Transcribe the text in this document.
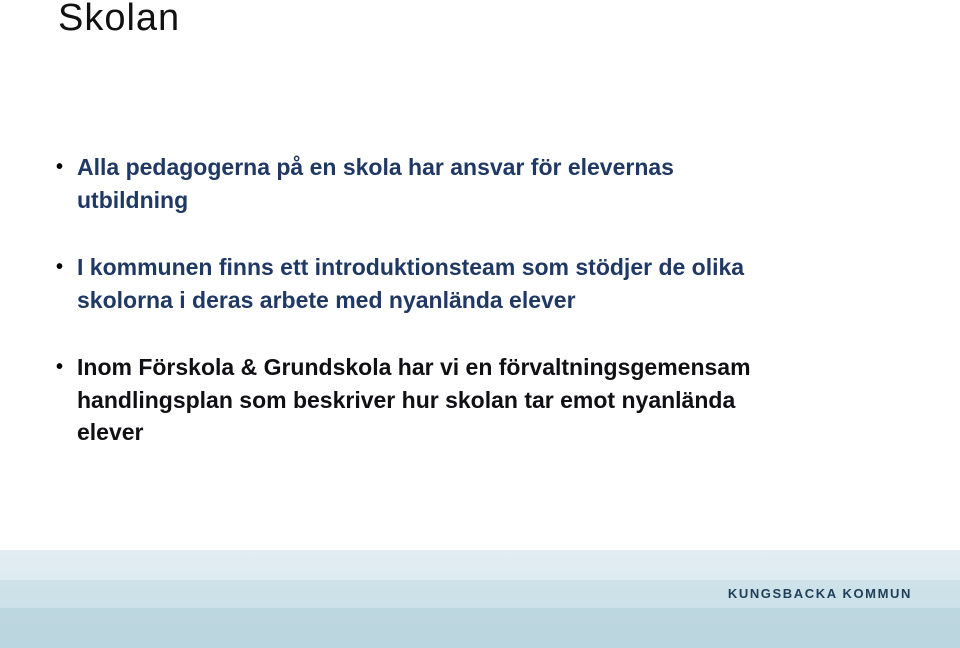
Skolan
• Alla pedagogerna på en skola har ansvar för elevernas
utbildning
• I kommunen finns ett introduktionsteam som stödjer de olika
skolorna i deras arbete med nyanlända elever
• Inom Förskola & Grundskola har vi en förvaltningsgemensam
handlingsplan som beskriver hur skolan tar emot nyanlända
elever
KUNGSBACKA KOMMUN
